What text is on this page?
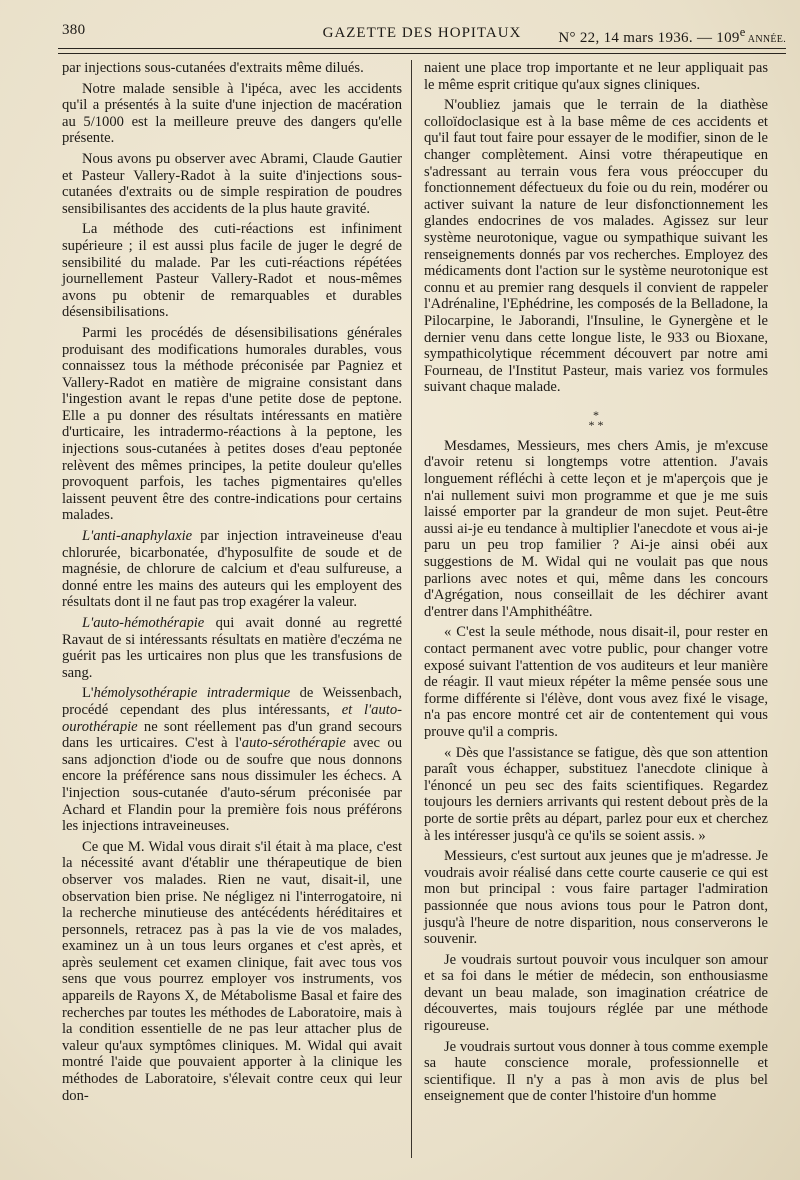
380	GAZETTE DES HOPITAUX	N° 22, 14 mars 1936. — 109e ANNÉE.

par injections sous-cutanées d'extraits même dilués.

Notre malade sensible à l'ipéca, avec les accidents qu'il a présentés à la suite d'une injection de macération au 5/1000 est la meilleure preuve des dangers qu'elle présente.

Nous avons pu observer avec Abrami, Claude Gautier et Pasteur Vallery-Radot à la suite d'injections sous-cutanées d'extraits ou de simple respiration de poudres sensibilisantes des accidents de la plus haute gravité.

La méthode des cuti-réactions est infiniment supérieure ; il est aussi plus facile de juger le degré de sensibilité du malade. Par les cuti-réactions répétées journellement Pasteur Vallery-Radot et nous-mêmes avons pu obtenir de remarquables et durables désensibilisations.

Parmi les procédés de désensibilisations générales produisant des modifications humorales durables, vous connaissez tous la méthode préconisée par Pagniez et Vallery-Radot en matière de migraine consistant dans l'ingestion avant le repas d'une petite dose de peptone. Elle a pu donner des résultats intéressants en matière d'urticaire, les intradermo-réactions à la peptone, les injections sous-cutanées à petites doses d'eau peptonée relèvent des mêmes principes, la petite douleur qu'elles provoquent parfois, les taches pigmentaires qu'elles laissent peuvent être des contre-indications pour certains malades.

L'anti-anaphylaxie par injection intraveineuse d'eau chlorurée, bicarbonatée, d'hyposulfite de soude et de magnésie, de chlorure de calcium et d'eau sulfureuse, a donné entre les mains des auteurs qui les employent des résultats dont il ne faut pas trop exagérer la valeur.

L'auto-hémothérapie qui avait donné au regretté Ravaut de si intéressants résultats en matière d'eczéma ne guérit pas les urticaires non plus que les transfusions de sang.

L'hémolysothérapie intradermique de Weissenbach, procédé cependant des plus intéressants, et l'auto-ourothérapie ne sont réellement pas d'un grand secours dans les urticaires. C'est à l'auto-sérothérapie avec ou sans adjonction d'iode ou de soufre que nous donnons encore la préférence sans nous dissimuler les échecs. A l'injection sous-cutanée d'auto-sérum préconisée par Achard et Flandin pour la première fois nous préférons les injections intraveineuses.

Ce que M. Widal vous dirait s'il était à ma place, c'est la nécessité avant d'établir une thérapeutique de bien observer vos malades. Rien ne vaut, disait-il, une observation bien prise. Ne négligez ni l'interrogatoire, ni la recherche minutieuse des antécédents héréditaires et personnels, retracez pas à pas la vie de vos malades, examinez un à un tous leurs organes et c'est après, et après seulement cet examen clinique, fait avec tous vos sens que vous pourrez employer vos instruments, vos appareils de Rayons X, de Métabolisme Basal et faire des recherches par toutes les méthodes de Laboratoire, mais à la condition essentielle de ne pas leur attacher plus de valeur qu'aux symptômes cliniques. M. Widal qui avait montré l'aide que pouvaient apporter à la clinique les méthodes de Laboratoire, s'élevait contre ceux qui leur don-

naient une place trop importante et ne leur appliquait pas le même esprit critique qu'aux signes cliniques.

N'oubliez jamais que le terrain de la diathèse colloïdoclasique est à la base même de ces accidents et qu'il faut tout faire pour essayer de le modifier, sinon de le changer complètement. Ainsi votre thérapeutique en s'adressant au terrain vous fera vous préoccuper du fonctionnement défectueux du foie ou du rein, modérer ou activer suivant la nature de leur disfonctionnement les glandes endocrines de vos malades. Agissez sur leur système neurotonique, vague ou sympathique suivant les renseignements donnés par vos recherches. Employez des médicaments dont l'action sur le système neurotonique est connu et au premier rang desquels il convient de rappeler l'Adrénaline, l'Ephédrine, les composés de la Belladone, la Pilocarpine, le Jaborandi, l'Insuline, le Gynergène et le dernier venu dans cette longue liste, le 933 ou Bioxane, sympathicolytique récemment découvert par notre ami Fourneau, de l'Institut Pasteur, mais variez vos formules suivant chaque malade.

*
* *

Mesdames, Messieurs, mes chers Amis, je m'excuse d'avoir retenu si longtemps votre attention. J'avais longuement réfléchi à cette leçon et je m'aperçois que je n'ai nullement suivi mon programme et que je me suis laissé emporter par la grandeur de mon sujet. Peut-être aussi ai-je eu tendance à multiplier l'anecdote et vous ai-je paru un peu trop familier ? Ai-je ainsi obéi aux suggestions de M. Widal qui ne voulait pas que nous parlions avec notes et qui, même dans les concours d'Agrégation, nous conseillait de les déchirer avant d'entrer dans l'Amphithéâtre.

« C'est la seule méthode, nous disait-il, pour rester en contact permanent avec votre public, pour changer votre exposé suivant l'attention de vos auditeurs et leur manière de réagir. Il vaut mieux répéter la même pensée sous une forme différente si l'élève, dont vous avez fixé le visage, n'a pas encore montré cet air de contentement qui vous prouve qu'il a compris.

« Dès que l'assistance se fatigue, dès que son attention paraît vous échapper, substituez l'anecdote clinique à l'énoncé un peu sec des faits scientifiques. Regardez toujours les derniers arrivants qui restent debout près de la porte de sortie prêts au départ, parlez pour eux et cherchez à les intéresser jusqu'à ce qu'ils se soient assis. »

Messieurs, c'est surtout aux jeunes que je m'adresse. Je voudrais avoir réalisé dans cette courte causerie ce qui est mon but principal : vous faire partager l'admiration passionnée que nous avions tous pour le Patron dont, jusqu'à l'heure de notre disparition, nous conserverons le souvenir.

Je voudrais surtout pouvoir vous inculquer son amour et sa foi dans le métier de médecin, son enthousiasme devant un beau malade, son imagination créatrice de découvertes, mais toujours réglée par une méthode rigoureuse.

Je voudrais surtout vous donner à tous comme exemple sa haute conscience morale, professionnelle et scientifique. Il n'y a pas à mon avis de plus bel enseignement que de conter l'histoire d'un homme
